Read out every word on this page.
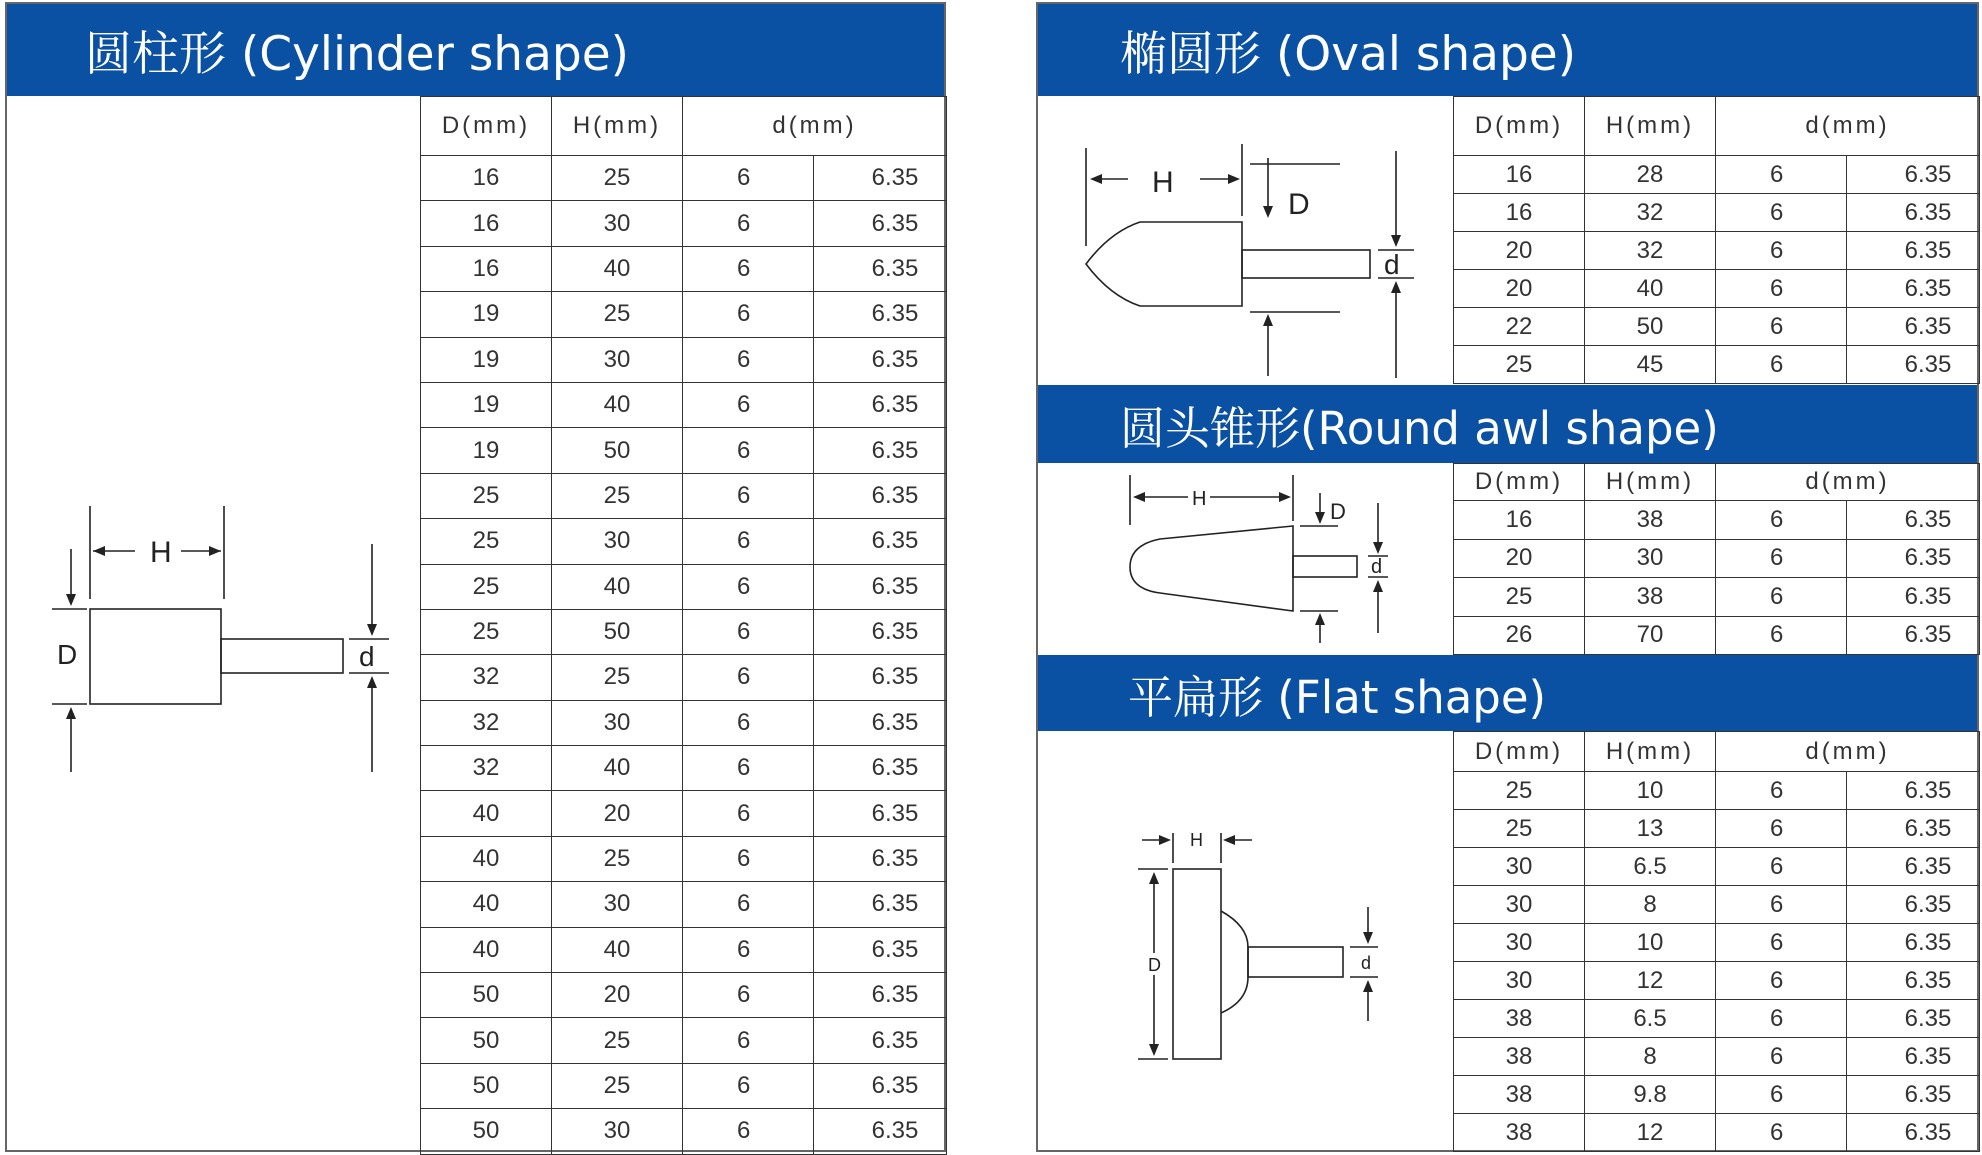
圆柱形 (Cylinder shape)
H
D	d
D(mm)	H(mm)	d(mm)	
16	25	6	6.35
16	30	6	6.35
16	40	6	6.35
19	25	6	6.35
19	30	6	6.35
19	40	6	6.35
19	50	6	6.35
25	25	6	6.35
25	30	6	6.35
25	40	6	6.35
25	50	6	6.35
32	25	6	6.35
32	30	6	6.35
32	40	6	6.35
40	20	6	6.35
40	25	6	6.35
40	30	6	6.35
40	40	6	6.35
50	20	6	6.35
50	25	6	6.35
50	25	6	6.35
50	30	6	6.35
椭圆形 (Oval shape)
H
D
d
D(mm)	H(mm)	d(mm)	
16	28	6	6.35
16	32	6	6.35
20	32	6	6.35
20	40	6	6.35
22	50	6	6.35
25	45	6	6.35
圆头锥形(Round awl shape)
H	D
d
D(mm)	H(mm)	d(mm)	
16	38	6	6.35
20	30	6	6.35
25	38	6	6.35
26	70	6	6.35
平扁形 (Flat shape)
H
D	d
D(mm)	H(mm)	d(mm)	
25	10	6	6.35
25	13	6	6.35
30	6.5	6	6.35
30	8	6	6.35
30	10	6	6.35
30	12	6	6.35
38	6.5	6	6.35
38	8	6	6.35
38	9.8	6	6.35
38	12	6	6.35
